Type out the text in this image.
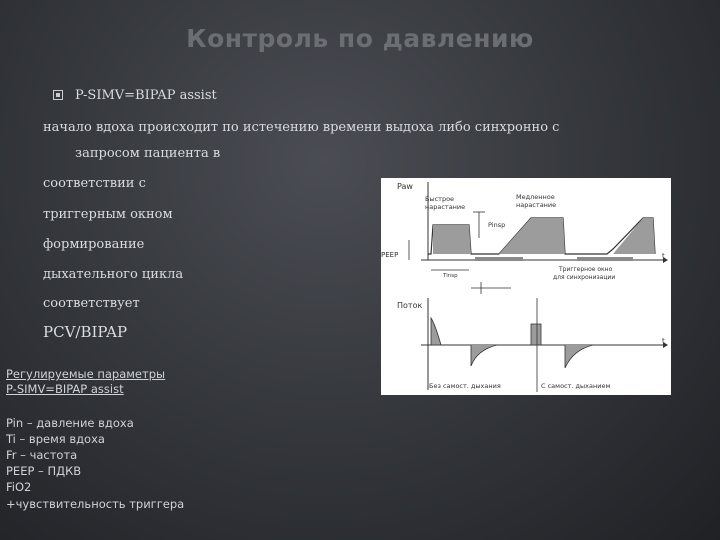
Контроль по давлению
P-SIMV=BIPAP assist
начало вдоха происходит по истечению времени выдоха либо синхронно с
запросом пациента в
соответствии с
триггерным окном
формирование
дыхательного цикла
соответствует
PCV/BIPAP
Регулируемые параметры
P-SIMV=BIPAP assist
Pin – давление вдоха
Ti – время вдоха
Fr – частота
PEEP – ПДКВ
FiO2
+чувствительность триггера
Paw
t
Быстрое
нарастание
Медленное
нарастание
Pinsp
PEEP
Триггерное окно
для синхронизации
Tinsp
Поток
t
Без самост. дыхания	С самост. дыханием
